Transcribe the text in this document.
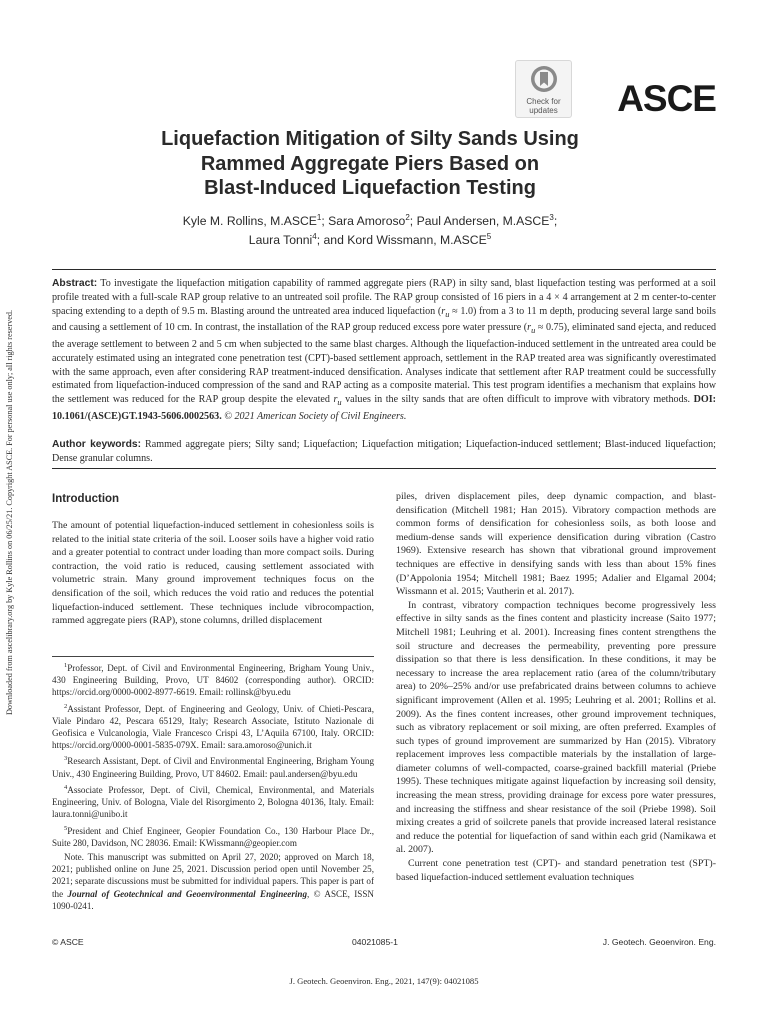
Downloaded from ascelibrary.org by Kyle Rollins on 06/25/21. Copyright ASCE. For personal use only; all rights reserved.
Check for updates	ASCE
Liquefaction Mitigation of Silty Sands Using
Rammed Aggregate Piers Based on
Blast-Induced Liquefaction Testing
Kyle M. Rollins, M.ASCE$^1$; Sara Amoroso$^2$; Paul Andersen, M.ASCE$^3$;
Laura Tonni$^4$; and Kord Wissmann, M.ASCE$^5$
Abstract: To investigate the liquefaction mitigation capability of rammed aggregate piers (RAP) in silty sand, blast liquefaction testing was performed at a soil profile treated with a full-scale RAP group relative to an untreated soil profile. The RAP group consisted of 16 piers in a 4 × 4 arrangement at 2 m center-to-center spacing extending to a depth of 9.5 m. Blasting around the untreated area induced liquefaction $(r_u \approx 1.0)$ from a 3 to 11 m depth, producing several large sand boils and causing a settlement of 10 cm. In contrast, the installation of the RAP group reduced excess pore water pressure $(r_u \approx 0.75)$, eliminated sand ejecta, and reduced the average settlement to between 2 and 5 cm when subjected to the same blast charges. Although the liquefaction-induced settlement in the untreated area could be accurately estimated using an integrated cone penetration test (CPT)-based settlement approach, settlement in the RAP treated area was significantly overestimated with the same approach, even after considering RAP treatment-induced densification. Analyses indicate that settlement after RAP treatment could be successfully estimated from liquefaction-induced compression of the sand and RAP acting as a composite material. This test program identifies a mechanism that explains how the settlement was reduced for the RAP group despite the elevated $r_u$ values in the silty sands that are often difficult to improve with vibratory methods. DOI: 10.1061/(ASCE)GT.1943-5606.0002563. © 2021 American Society of Civil Engineers.
Author keywords: Rammed aggregate piers; Silty sand; Liquefaction; Liquefaction mitigation; Liquefaction-induced settlement; Blast-induced liquefaction; Dense granular columns.
Introduction

The amount of potential liquefaction-induced settlement in cohesionless soils is related to the initial state criteria of the soil. Looser soils have a higher void ratio and a greater potential to contract under loading than more compact soils. During contraction, the void ratio is reduced, causing settlement associated with volumetric strain. Many ground improvement techniques focus on the densification of the soil, which reduces the void ratio and reduces the potential liquefaction-induced settlement. These techniques include vibrocompaction, rammed aggregate piers (RAP), stone columns, drilled displacement

$^1$Professor, Dept. of Civil and Environmental Engineering, Brigham Young Univ., 430 Engineering Building, Provo, UT 84602 (corresponding author). ORCID: https://orcid.org/0000-0002-8977-6619. Email: rollinsk@byu.edu

$^2$Assistant Professor, Dept. of Engineering and Geology, Univ. of Chieti-Pescara, Viale Pindaro 42, Pescara 65129, Italy; Research Associate, Istituto Nazionale di Geofisica e Vulcanologia, Viale Francesco Crispi 43, L’Aquila 67100, Italy. ORCID: https://orcid.org/0000-0001-5835-079X. Email: sara.amoroso@unich.it

$^3$Research Assistant, Dept. of Civil and Environmental Engineering, Brigham Young Univ., 430 Engineering Building, Provo, UT 84602. Email: paul.andersen@byu.edu

$^4$Associate Professor, Dept. of Civil, Chemical, Environmental, and Materials Engineering, Univ. of Bologna, Viale del Risorgimento 2, Bologna 40136, Italy. Email: laura.tonni@unibo.it

$^5$President and Chief Engineer, Geopier Foundation Co., 130 Harbour Place Dr., Suite 280, Davidson, NC 28036. Email: KWissmann@geopier.com

Note. This manuscript was submitted on April 27, 2020; approved on March 18, 2021; published online on June 25, 2021. Discussion period open until November 25, 2021; separate discussions must be submitted for individual papers. This paper is part of the Journal of Geotechnical and Geoenvironmental Engineering, © ASCE, ISSN 1090-0241.

piles, driven displacement piles, deep dynamic compaction, and blast-densification (Mitchell 1981; Han 2015). Vibratory compaction methods are common forms of densification for cohesionless soils, as both loose and medium-dense sands will experience densification during vibration (Castro 1969). Extensive research has shown that vibrational ground improvement techniques are effective in densifying sands with less than about 15% fines (D’Appolonia 1954; Mitchell 1981; Baez 1995; Adalier and Elgamal 2004; Wissmann et al. 2015; Vautherin et al. 2017).

In contrast, vibratory compaction techniques become progressively less effective in silty sands as the fines content and plasticity increase (Saito 1977; Mitchell 1981; Leuhring et al. 2001). Increasing fines content strengthens the soil structure and decreases the permeability, preventing pore pressure dissipation so that there is less densification. In these conditions, it may be necessary to increase the area replacement ratio (area of the column/tributary area) to 20%–25% and/or use prefabricated drains between columns to achieve significant improvement (Allen et al. 1995; Leuhring et al. 2001; Rollins et al. 2009). As the fines content increases, other ground improvement techniques, such as vibratory replacement or soil mixing, are often preferred. Examples of such types of ground improvement are summarized by Han (2015). Vibratory replacement improves less compactible materials by the installation of large-diameter columns of well-compacted, coarse-grained backfill material (Priebe 1995). These techniques mitigate against liquefaction by increasing soil density, increasing the mean stress, providing drainage for excess pore water pressures, and increasing the stiffness and shear resistance of the soil (Priebe 1998). Soil mixing creates a grid of soilcrete panels that provide increased lateral resistance and reduce the potential for liquefaction of sand within each grid (Namikawa et al. 2007).

Current cone penetration test (CPT)- and standard penetration test (SPT)-based liquefaction-induced settlement evaluation techniques

© ASCE	04021085-1	J. Geotech. Geoenviron. Eng.
J. Geotech. Geoenviron. Eng., 2021, 147(9): 04021085
